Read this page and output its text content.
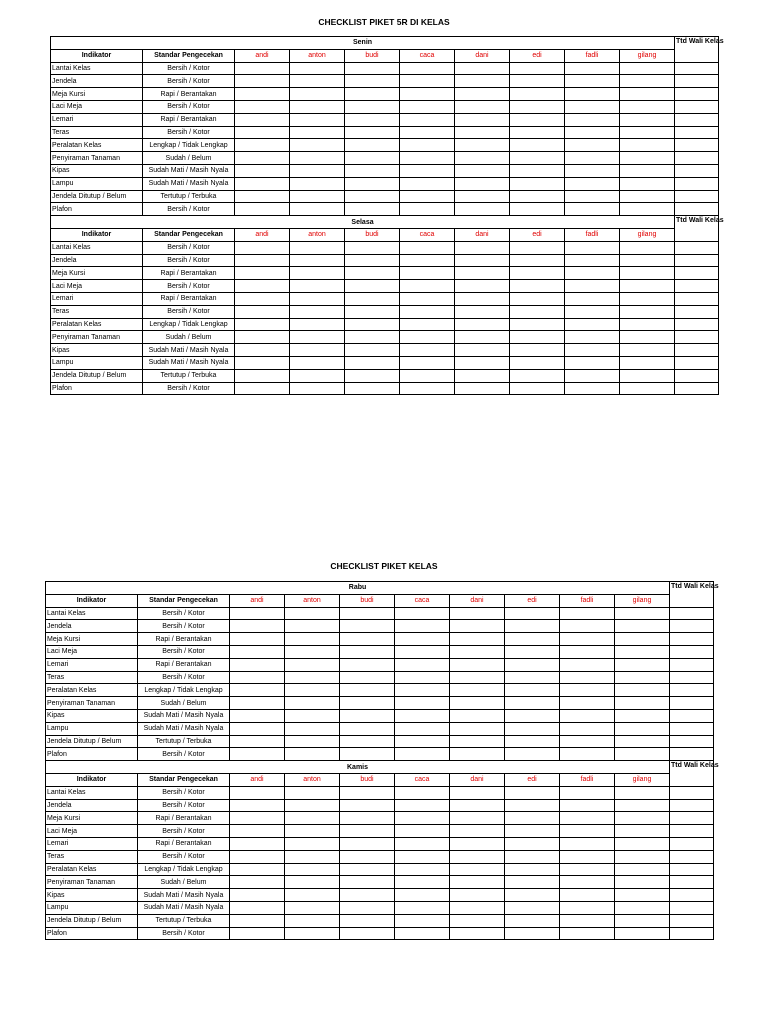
CHECKLIST PIKET 5R DI KELAS
Senin										Ttd Wali Kelas
Indikator	Standar Pengecekan	andi	anton	budi	caca	dani	edi	fadli	gilang	
Lantai Kelas	Bersih / Kotor									
Jendela	Bersih / Kotor									
Meja Kursi	Rapi / Berantakan									
Laci Meja	Bersih / Kotor									
Lemari	Rapi / Berantakan									
Teras	Bersih / Kotor									
Peralatan Kelas	Lengkap / Tidak Lengkap									
Penyiraman Tanaman	Sudah / Belum									
Kipas	Sudah Mati / Masih Nyala									
Lampu	Sudah Mati / Masih Nyala									
Jendela Ditutup / Belum	Tertutup / Terbuka									
Plafon	Bersih / Kotor									
Selasa										Ttd Wali Kelas
Indikator	Standar Pengecekan	andi	anton	budi	caca	dani	edi	fadli	gilang	
Lantai Kelas	Bersih / Kotor									
Jendela	Bersih / Kotor									
Meja Kursi	Rapi / Berantakan									
Laci Meja	Bersih / Kotor									
Lemari	Rapi / Berantakan									
Teras	Bersih / Kotor									
Peralatan Kelas	Lengkap / Tidak Lengkap									
Penyiraman Tanaman	Sudah / Belum									
Kipas	Sudah Mati / Masih Nyala									
Lampu	Sudah Mati / Masih Nyala									
Jendela Ditutup / Belum	Tertutup / Terbuka									
Plafon	Bersih / Kotor									
CHECKLIST PIKET KELAS
Rabu										Ttd Wali Kelas
Indikator	Standar Pengecekan	andi	anton	budi	caca	dani	edi	fadli	gilang	
Lantai Kelas	Bersih / Kotor									
Jendela	Bersih / Kotor									
Meja Kursi	Rapi / Berantakan									
Laci Meja	Bersih / Kotor									
Lemari	Rapi / Berantakan									
Teras	Bersih / Kotor									
Peralatan Kelas	Lengkap / Tidak Lengkap									
Penyiraman Tanaman	Sudah / Belum									
Kipas	Sudah Mati / Masih Nyala									
Lampu	Sudah Mati / Masih Nyala									
Jendela Ditutup / Belum	Tertutup / Terbuka									
Plafon	Bersih / Kotor									
Kamis										Ttd Wali Kelas
Indikator	Standar Pengecekan	andi	anton	budi	caca	dani	edi	fadli	gilang	
Lantai Kelas	Bersih / Kotor									
Jendela	Bersih / Kotor									
Meja Kursi	Rapi / Berantakan									
Laci Meja	Bersih / Kotor									
Lemari	Rapi / Berantakan									
Teras	Bersih / Kotor									
Peralatan Kelas	Lengkap / Tidak Lengkap									
Penyiraman Tanaman	Sudah / Belum									
Kipas	Sudah Mati / Masih Nyala									
Lampu	Sudah Mati / Masih Nyala									
Jendela Ditutup / Belum	Tertutup / Terbuka									
Plafon	Bersih / Kotor									
